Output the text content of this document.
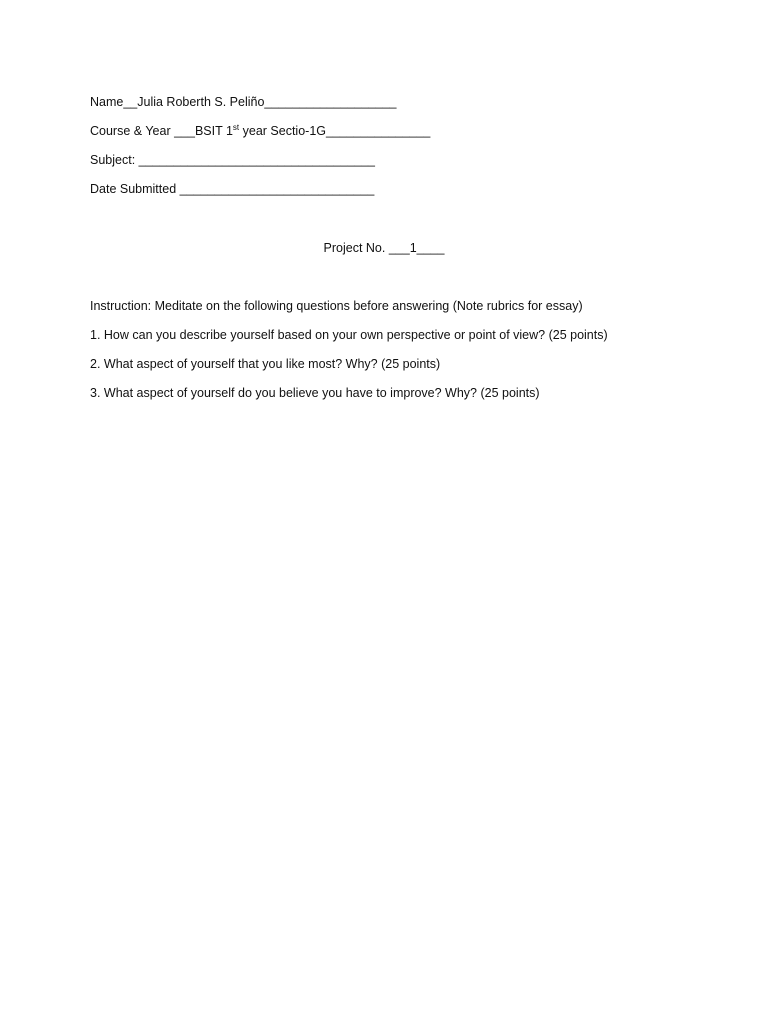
Name__Julia Roberth S. Peliño___________________
Course & Year ___BSIT 1st year Sectio-1G_______________
Subject: __________________________________
Date Submitted ____________________________
Project No. ___1____
Instruction: Meditate on the following questions before answering (Note rubrics for essay)
1. How can you describe yourself based on your own perspective or point of view? (25 points)
2. What aspect of yourself that you like most? Why? (25 points)
3. What aspect of yourself do you believe you have to improve? Why? (25 points)
